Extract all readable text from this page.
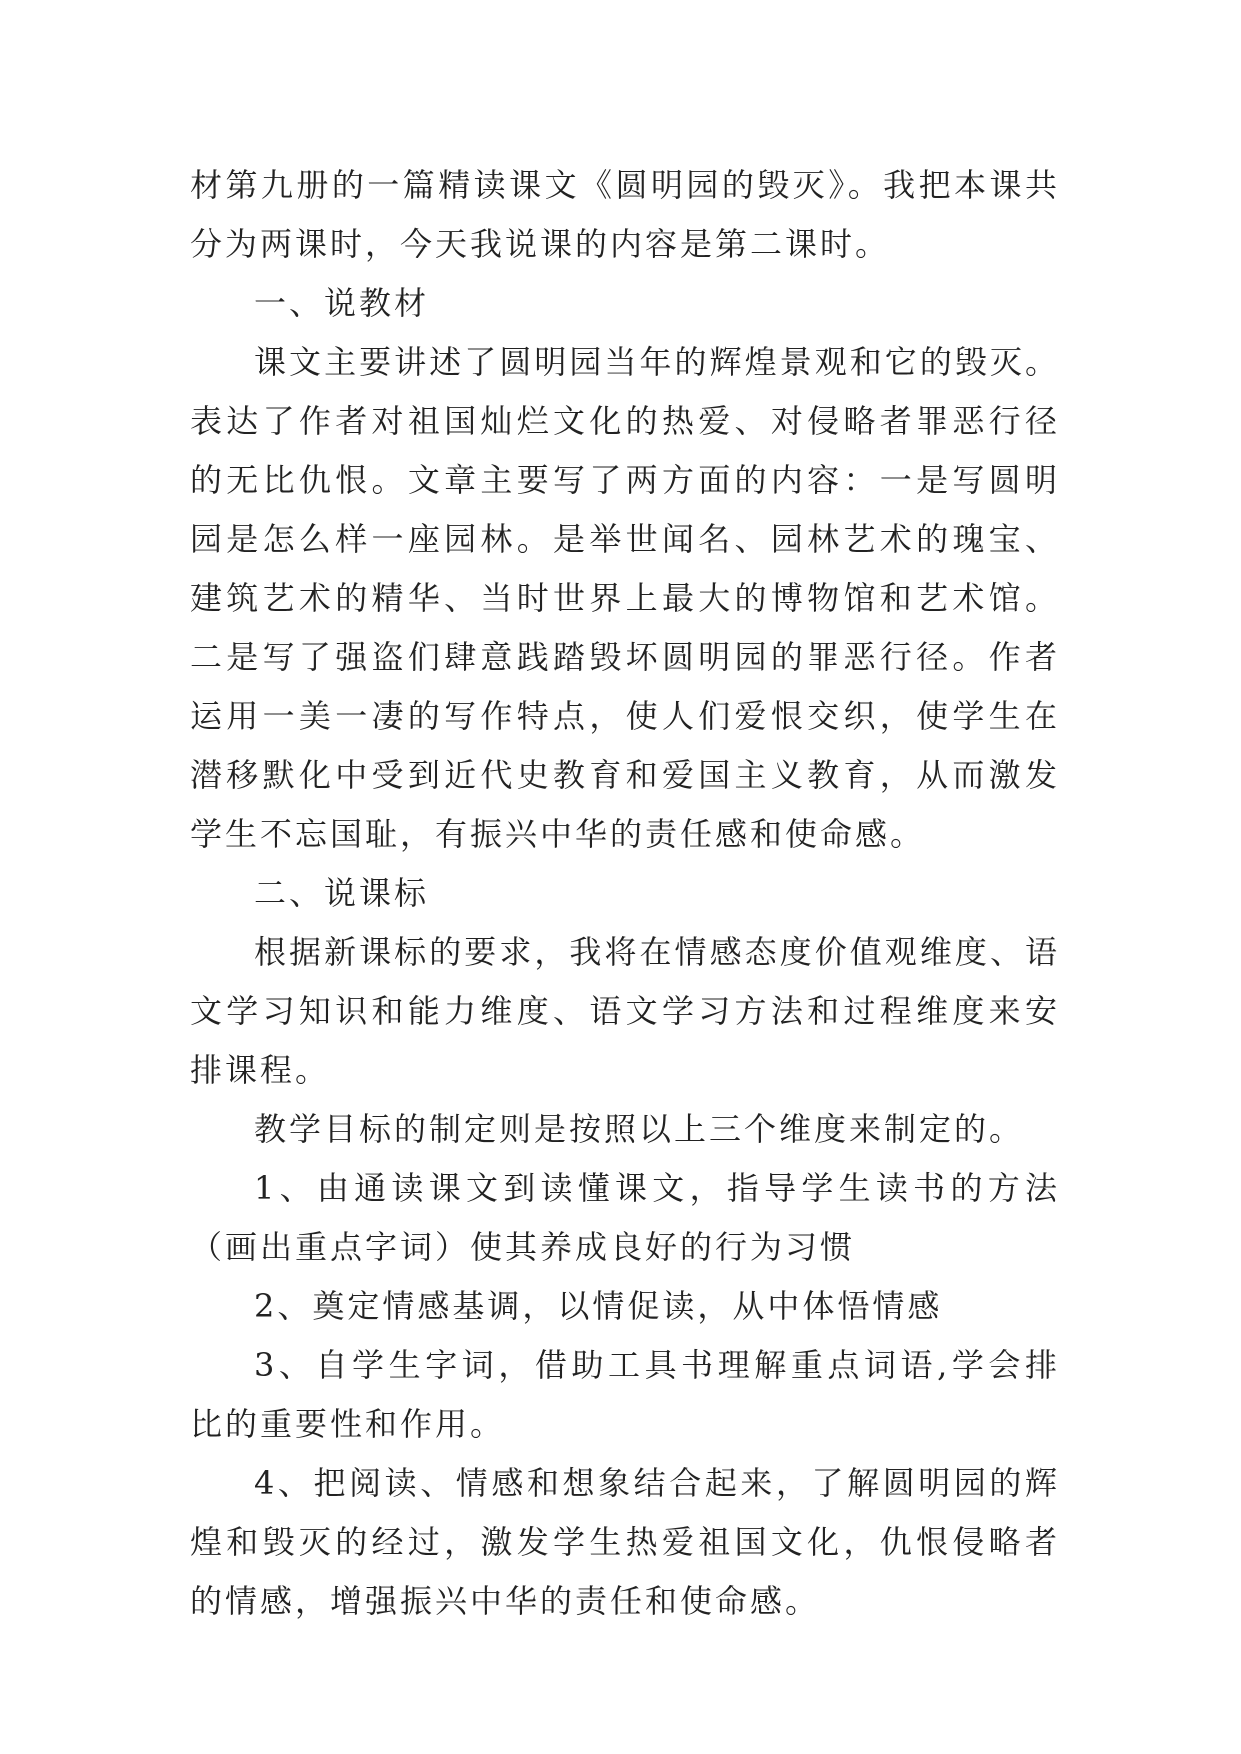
材第九册的一篇精读课文《圆明园的毁灭》。我把本课共分为两课时，今天我说课的内容是第二课时。

一、说教材

课文主要讲述了圆明园当年的辉煌景观和它的毁灭。表达了作者对祖国灿烂文化的热爱、对侵略者罪恶行径的无比仇恨。文章主要写了两方面的内容：一是写圆明园是怎么样一座园林。是举世闻名、园林艺术的瑰宝、建筑艺术的精华、当时世界上最大的博物馆和艺术馆。二是写了强盗们肆意践踏毁坏圆明园的罪恶行径。作者运用一美一凄的写作特点，使人们爱恨交织，使学生在潜移默化中受到近代史教育和爱国主义教育，从而激发学生不忘国耻，有振兴中华的责任感和使命感。

二、说课标

根据新课标的要求，我将在情感态度价值观维度、语文学习知识和能力维度、语文学习方法和过程维度来安排课程。

教学目标的制定则是按照以上三个维度来制定的。

1、由通读课文到读懂课文，指导学生读书的方法（画出重点字词）使其养成良好的行为习惯

2、奠定情感基调，以情促读，从中体悟情感

3、自学生字词，借助工具书理解重点词语,学会排比的重要性和作用。

4、把阅读、情感和想象结合起来，了解圆明园的辉煌和毁灭的经过，激发学生热爱祖国文化，仇恨侵略者的情感，增强振兴中华的责任和使命感。
